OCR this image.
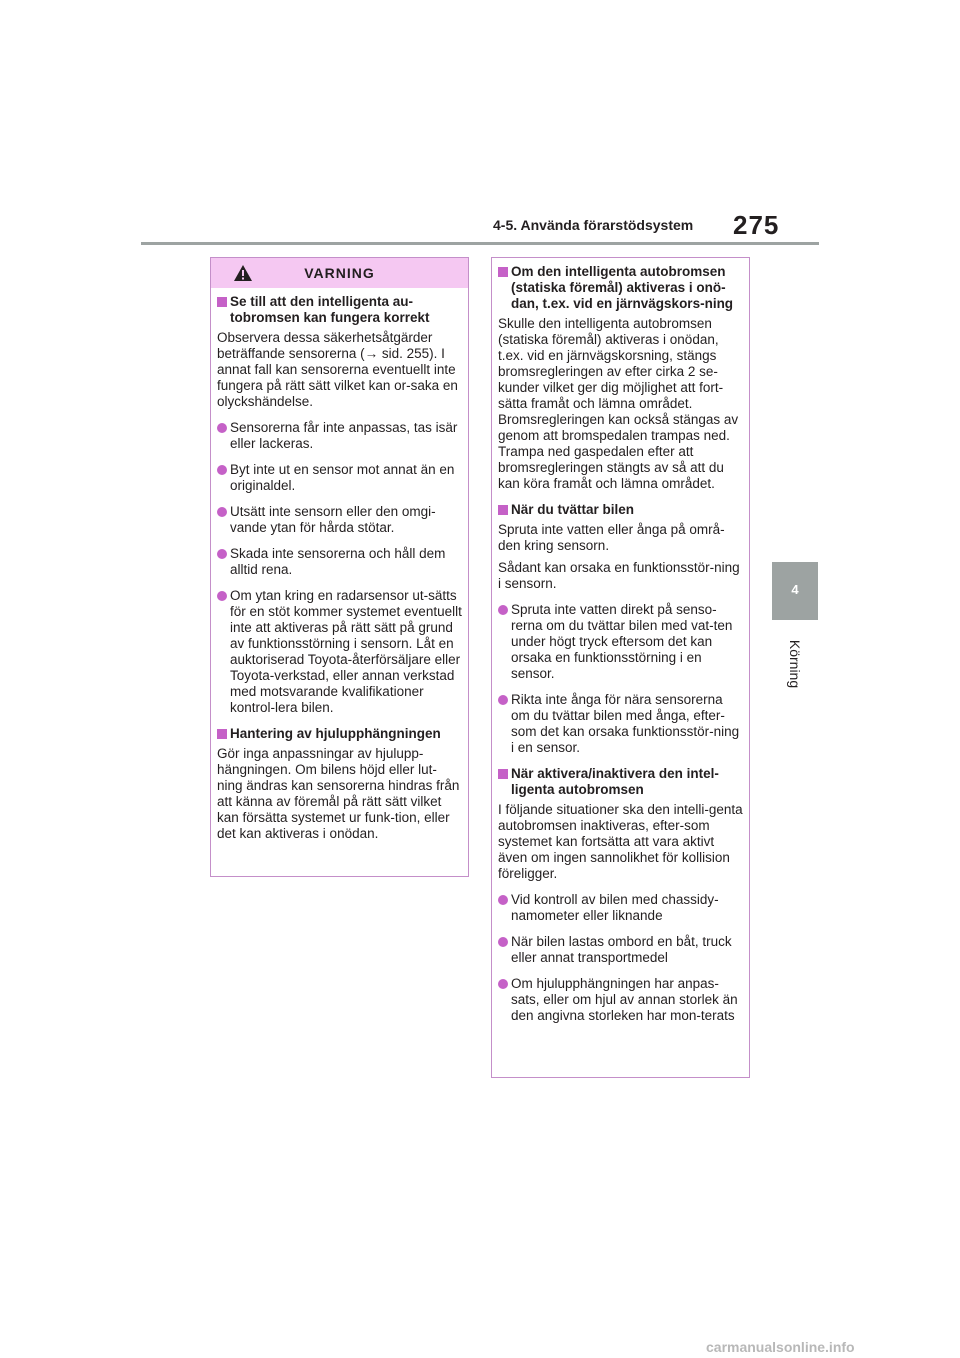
4-5. Använda förarstödsystem 275
4
Körning
VARNING
Se till att den intelligenta au-tobromsen kan fungera korrekt

Observera dessa säkerhetsåtgärder beträffande sensorerna (→ sid. 255). I annat fall kan sensorerna eventuellt inte fungera på rätt sätt vilket kan or-saka en olyckshändelse.

Sensorerna får inte anpassas, tas isär eller lackeras.
Byt inte ut en sensor mot annat än en originaldel.
Utsätt inte sensorn eller den omgi-vande ytan för hårda stötar.
Skada inte sensorerna och håll dem alltid rena.
Om ytan kring en radarsensor ut-sätts för en stöt kommer systemet eventuellt inte att aktiveras på rätt sätt på grund av funktionsstörning i sensorn. Låt en auktoriserad Toyota-återförsäljare eller Toyota-verkstad, eller annan verkstad med motsvarande kvalifikationer kontrol-lera bilen.
Hantering av hjulupphängningen

Gör inga anpassningar av hjulupp-hängningen. Om bilens höjd eller lut-ning ändras kan sensorerna hindras från att känna av föremål på rätt sätt vilket kan försätta systemet ur funk-tion, eller det kan aktiveras i onödan.

Om den intelligenta autobromsen (statiska föremål) aktiveras i onö-dan, t.ex. vid en järnvägskors-ning

Skulle den intelligenta autobromsen (statiska föremål) aktiveras i onödan, t.ex. vid en järnvägskorsning, stängs bromsregleringen av efter cirka 2 se-kunder vilket ger dig möjlighet att fort-sätta framåt och lämna området. Bromsregleringen kan också stängas av genom att bromspedalen trampas ned. Trampa ned gaspedalen efter att bromsregleringen stängts av så att du kan köra framåt och lämna området.

När du tvättar bilen

Spruta inte vatten eller ånga på områ-den kring sensorn.

Sådant kan orsaka en funktionsstör-ning i sensorn.

Spruta inte vatten direkt på senso-rerna om du tvättar bilen med vat-ten under högt tryck eftersom det kan orsaka en funktionsstörning i en sensor.
Rikta inte ånga för nära sensorerna om du tvättar bilen med ånga, efter-som det kan orsaka funktionsstör-ning i en sensor.
När aktivera/inaktivera den intel-ligenta autobromsen

I följande situationer ska den intelli-genta autobromsen inaktiveras, efter-som systemet kan fortsätta att vara aktivt även om ingen sannolikhet för kollision föreligger.

Vid kontroll av bilen med chassidy-namometer eller liknande
När bilen lastas ombord en båt, truck eller annat transportmedel
Om hjulupphängningen har anpas-sats, eller om hjul av annan storlek än den angivna storleken har mon-terats
carmanualsonline.info
